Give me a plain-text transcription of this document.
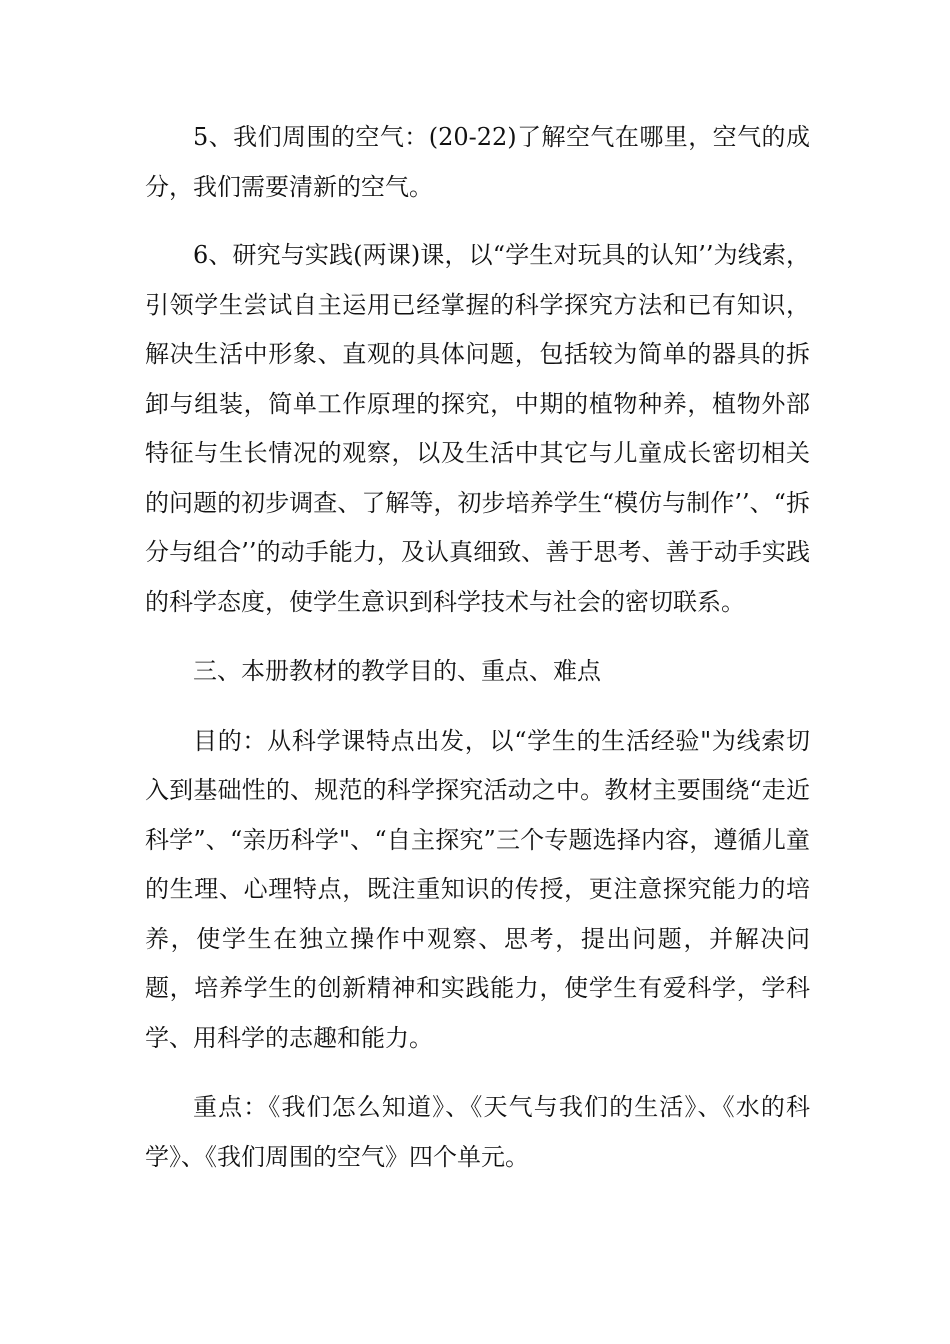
5、我们周围的空气：(20-22)了解空气在哪里，空气的成分，我们需要清新的空气。

6、研究与实践(两课)课，以“学生对玩具的认知’’为线索，引领学生尝试自主运用已经掌握的科学探究方法和已有知识，解决生活中形象、直观的具体问题，包括较为简单的器具的拆卸与组装，简单工作原理的探究，中期的植物种养，植物外部特征与生长情况的观察，以及生活中其它与儿童成长密切相关的问题的初步调查、了解等，初步培养学生“模仿与制作’’、“拆分与组合’’的动手能力，及认真细致、善于思考、善于动手实践的科学态度，使学生意识到科学技术与社会的密切联系。

三、本册教材的教学目的、重点、难点

目的：从科学课特点出发，以“学生的生活经验"为线索切入到基础性的、规范的科学探究活动之中。教材主要围绕“走近科学”、“亲历科学"、“自主探究”三个专题选择内容，遵循儿童的生理、心理特点，既注重知识的传授，更注意探究能力的培养，使学生在独立操作中观察、思考，提出问题，并解决问题，培养学生的创新精神和实践能力，使学生有爱科学，学科学、用科学的志趣和能力。

重点：《我们怎么知道》、《天气与我们的生活》、《水的科学》、《我们周围的空气》四个单元。
